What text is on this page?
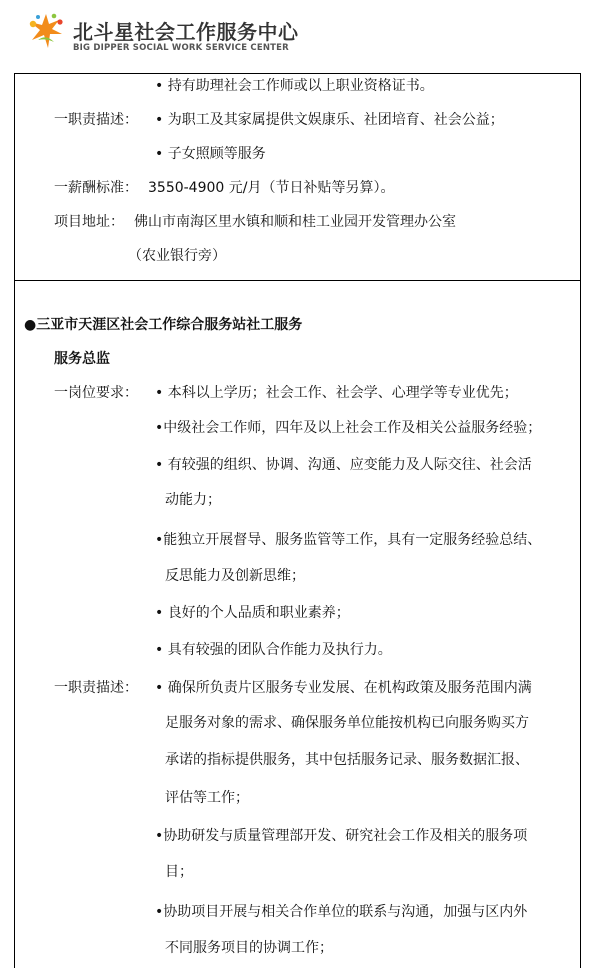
北斗星社会工作服务中心
BIG DIPPER SOCIAL WORK SERVICE CENTER
• 持有助理社会工作师或以上职业资格证书。
一职责描述： • 为职工及其家属提供文娱康乐、社团培育、社会公益；
• 子女照顾等服务
一薪酬标准： 3550-4900 元/月（节日补贴等另算）。
项目地址： 佛山市南海区里水镇和顺和桂工业园开发管理办公室
（农业银行旁）
●三亚市天涯区社会工作综合服务站社工服务
服务总监
一岗位要求： • 本科以上学历；社会工作、社会学、心理学等专业优先；
•中级社会工作师，四年及以上社会工作及相关公益服务经验；
• 有较强的组织、协调、沟通、应变能力及人际交往、社会活
动能力；
•能独立开展督导、服务监管等工作，具有一定服务经验总结、
反思能力及创新思维；
• 良好的个人品质和职业素养；
• 具有较强的团队合作能力及执行力。
一职责描述： • 确保所负责片区服务专业发展、在机构政策及服务范围内满
足服务对象的需求、确保服务单位能按机构已向服务购买方
承诺的指标提供服务，其中包括服务记录、服务数据汇报、
评估等工作；
•协助研发与质量管理部开发、研究社会工作及相关的服务项
目；
•协助项目开展与相关合作单位的联系与沟通，加强与区内外
不同服务项目的协调工作；
